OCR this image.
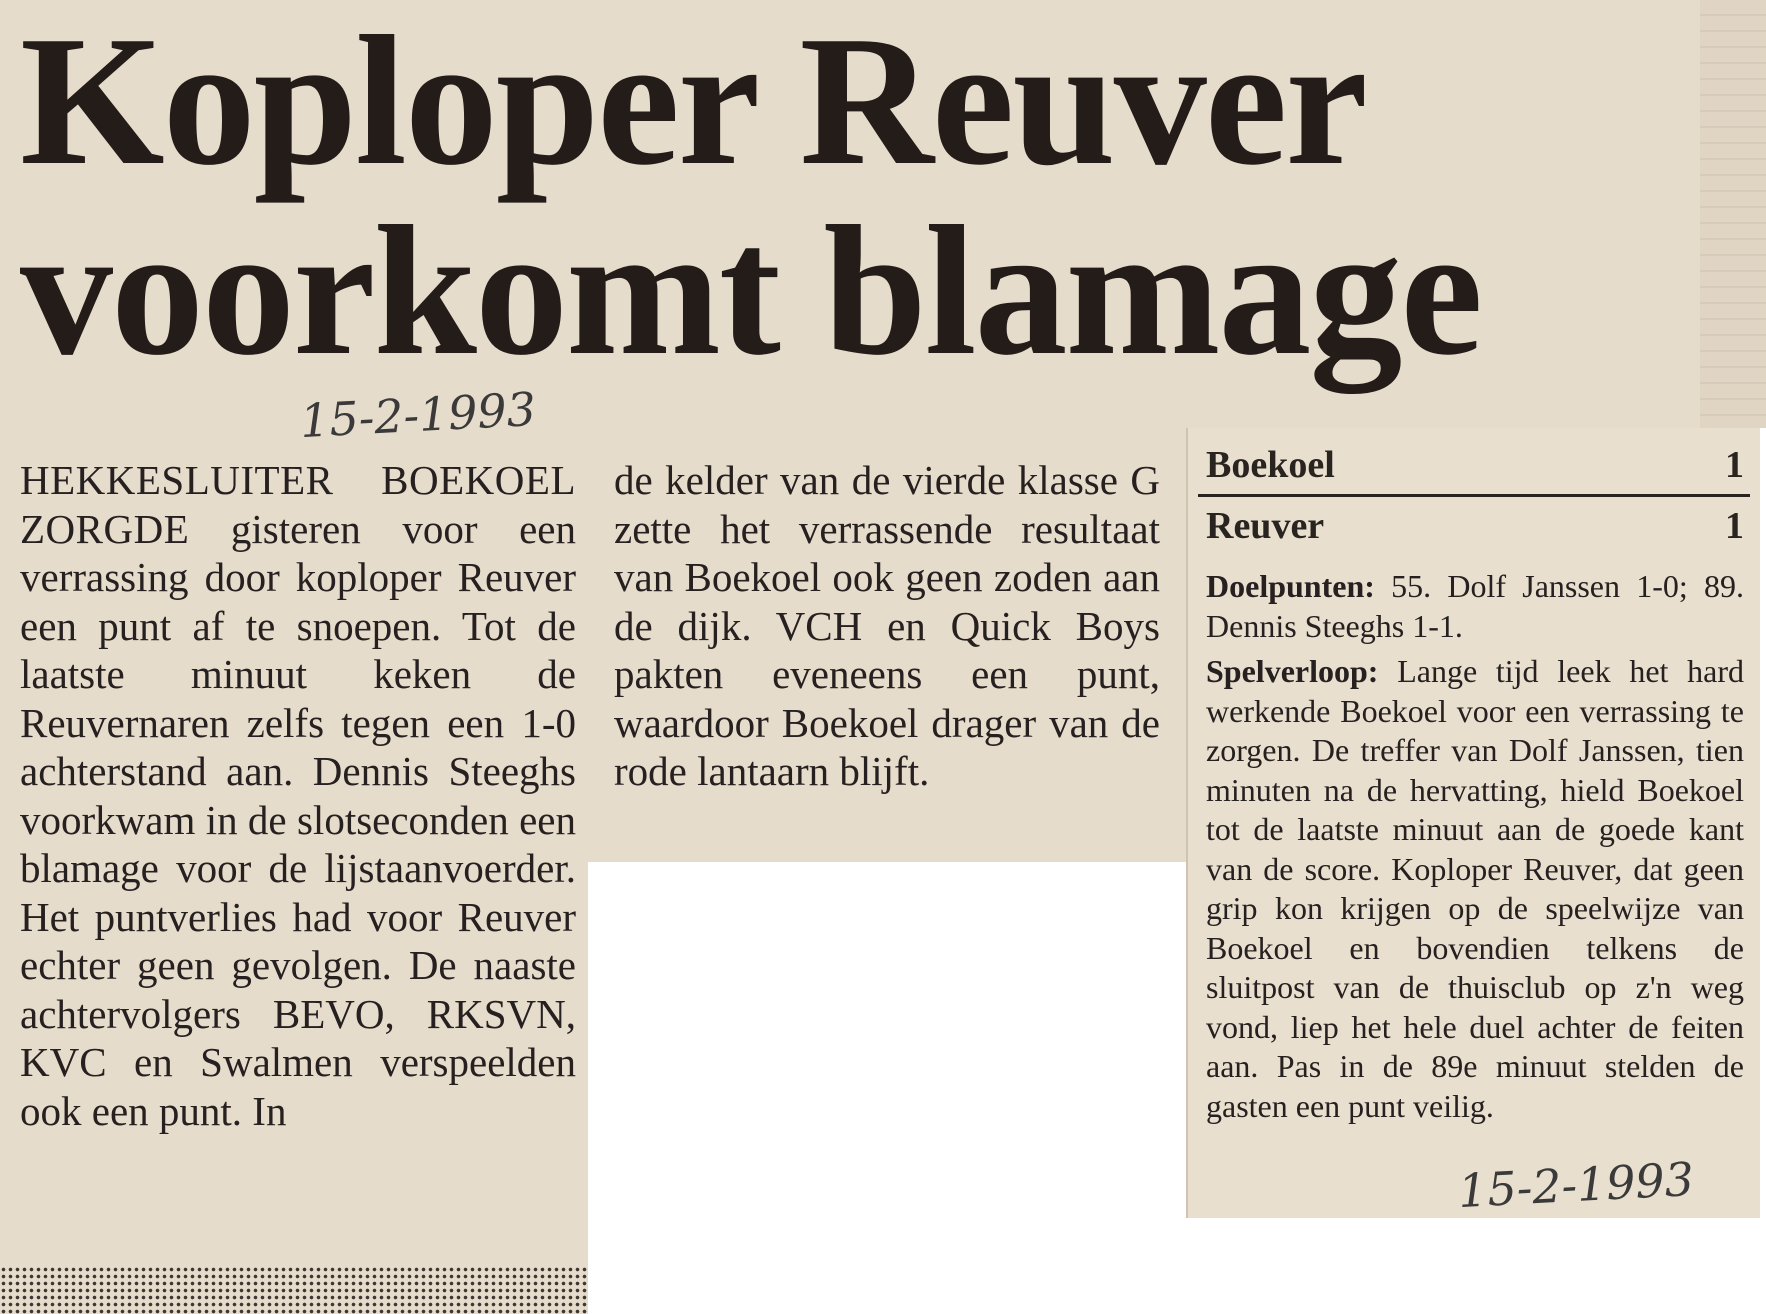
Koploper Reuver
voorkomt blamage
15-2-1993

HEKKESLUITER BOEKOEL ZORGDE gisteren voor een verrassing door koploper Reuver een punt af te snoepen. Tot de laatste minuut keken de Reuvernaren zelfs tegen een 1-0 achterstand aan. Dennis Steeghs voorkwam in de slotseconden een blamage voor de lijstaanvoerder. Het puntverlies had voor Reuver echter geen gevolgen. De naaste achtervolgers BEVO, RKSVN, KVC en Swalmen verspeelden ook een punt. In

de kelder van de vierde klasse G zette het verrassende resultaat van Boekoel ook geen zoden aan de dijk. VCH en Quick Boys pakten eveneens een punt, waardoor Boekoel drager van de rode lantaarn blijft.

Boekoel	1
Reuver	1

Doelpunten: 55. Dolf Janssen 1-0; 89. Dennis Steeghs 1-1.

Spelverloop: Lange tijd leek het hard werkende Boekoel voor een verrassing te zorgen. De treffer van Dolf Janssen, tien minuten na de hervatting, hield Boekoel tot de laatste minuut aan de goede kant van de score. Koploper Reuver, dat geen grip kon krijgen op de speelwijze van Boekoel en bovendien telkens de sluitpost van de thuisclub op z'n weg vond, liep het hele duel achter de feiten aan. Pas in de 89e minuut stelden de gasten een punt veilig.

15-2-1993
